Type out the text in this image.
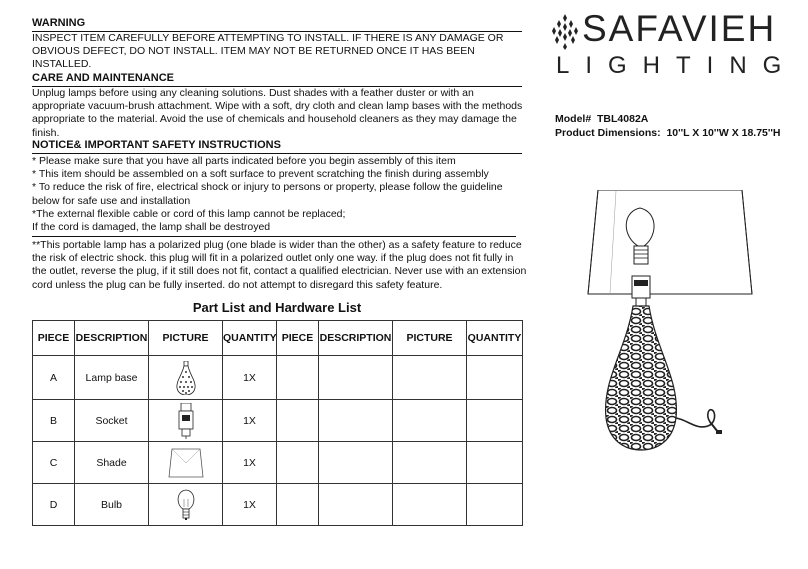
WARNING
INSPECT ITEM CAREFULLY BEFORE ATTEMPTING TO INSTALL. IF THERE IS ANY DAMAGE OR OBVIOUS DEFECT, DO NOT INSTALL. ITEM MAY NOT BE RETURNED ONCE IT HAS BEEN INSTALLED.
CARE AND MAINTENANCE
Unplug lamps before using any cleaning solutions. Dust shades with a feather duster or with an appropriate vacuum-brush attachment. Wipe with a soft, dry cloth and clean lamp bases with the methods appropriate to the material. Avoid the use of chemicals and household cleaners as they may damage the finish.
NOTICE& IMPORTANT SAFETY INSTRUCTIONS
* Please make sure that you have all parts indicated before you begin assembly of this item
* This item should be assembled on a soft surface to prevent scratching the finish during assembly
* To reduce the risk of fire, electrical shock or injury to persons or property, please follow the guideline below for safe use and installation
*The external flexible cable or cord of this lamp cannot be replaced;
If the cord is damaged, the lamp shall be destroyed
**This portable lamp has a polarized plug (one blade is wider than the other) as a safety feature to reduce the risk of electric shock. this plug will fit in a polarized outlet only one way. if the plug does not fit fully in the outlet, reverse the plug, if it still does not fit, contact a qualified electrician. Never use with an extension cord unless the plug can be fully inserted. do not attempt to disregard this safety feature.
SAFAVIEH
LIGHTING
Model# TBL4082A
Product Dimensions: 10''L X 10''W X 18.75''H
Part List and Hardware List
PIECE	DESCRIPTION	PICTURE	QUANTITY	PIECE	DESCRIPTION	PICTURE	QUANTITY
A	Lamp base		1X				
B	Socket		1X				
C	Shade		1X				
D	Bulb		1X				
